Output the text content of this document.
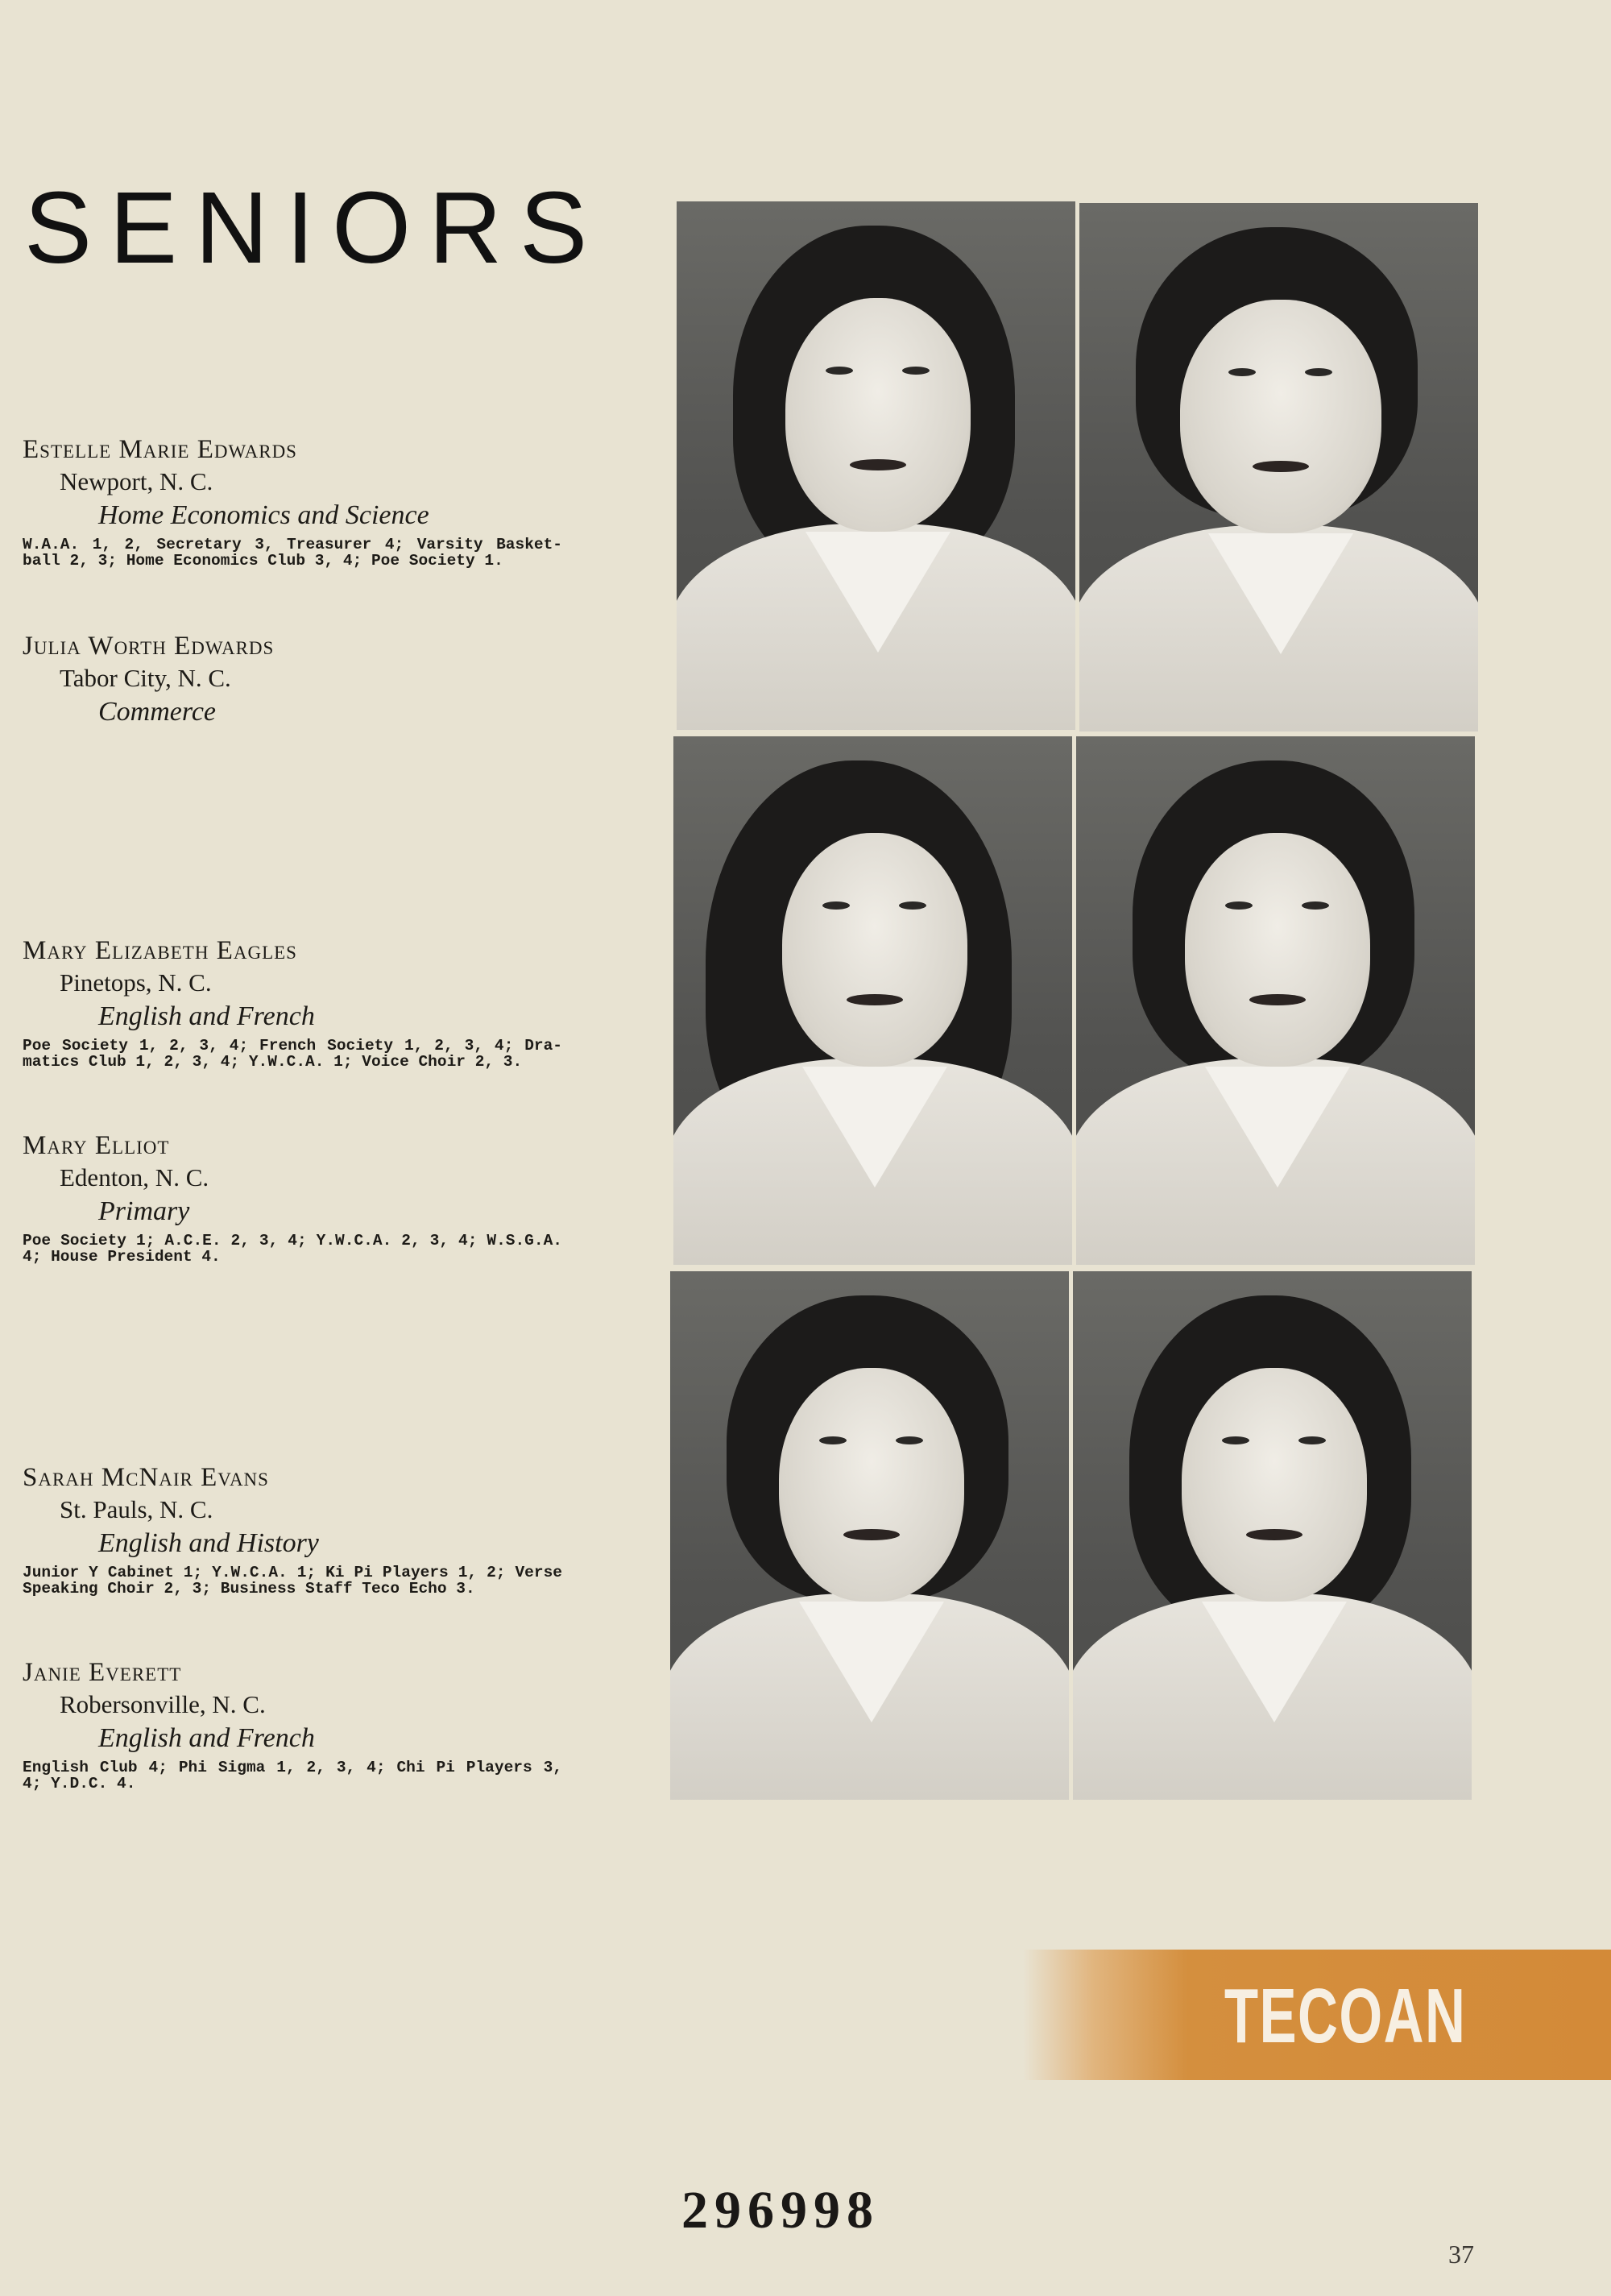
SENIORS
Estelle Marie Edwards
Newport, N. C.
Home Economics and Science
W.A.A. 1, 2, Secretary 3, Treasurer 4; Varsity Basket-ball 2, 3; Home Economics Club 3, 4; Poe Society 1.
Julia Worth Edwards
Tabor City, N. C.
Commerce
Mary Elizabeth Eagles
Pinetops, N. C.
English and French
Poe Society 1, 2, 3, 4; French Society 1, 2, 3, 4; Dra-matics Club 1, 2, 3, 4; Y.W.C.A. 1; Voice Choir 2, 3.
Mary Elliot
Edenton, N. C.
Primary
Poe Society 1; A.C.E. 2, 3, 4; Y.W.C.A. 2, 3, 4; W.S.G.A. 4; House President 4.
Sarah McNair Evans
St. Pauls, N. C.
English and History
Junior Y Cabinet 1; Y.W.C.A. 1; Ki Pi Players 1, 2; Verse Speaking Choir 2, 3; Business Staff Teco Echo 3.
Janie Everett
Robersonville, N. C.
English and French
English Club 4; Phi Sigma 1, 2, 3, 4; Chi Pi Players 3, 4; Y.D.C. 4.
TECOAN
296998
37
